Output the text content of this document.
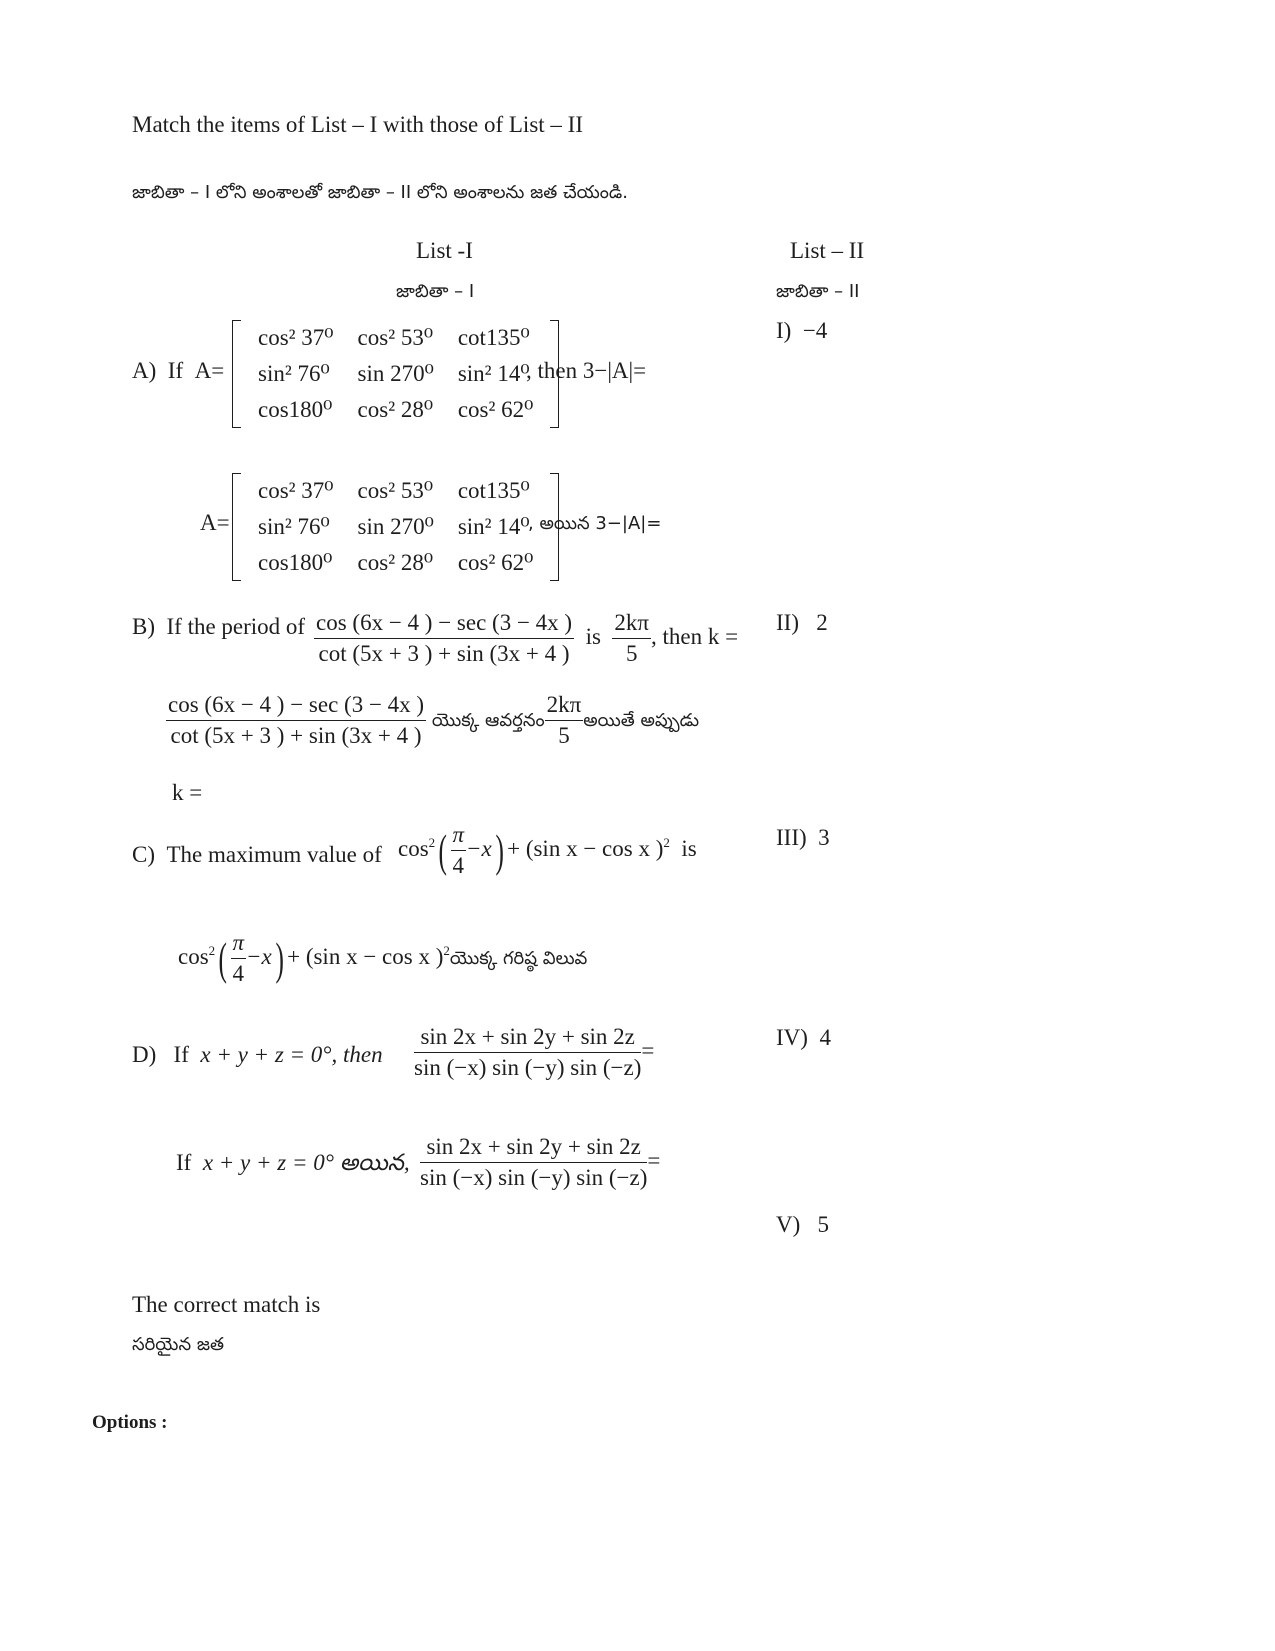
Match the items of List – I with those of List – II
జాబితా – I లోని అంశాలతో జాబితా – II లోని అంశాలను జత చేయండి.
List -I
జాబితా – I
List – II
జాబితా – II
I) −4
II) 2
III) 3
IV) 4
V) 5
A) If A=
cos² 37⁰	cos² 53⁰	cot135⁰
sin² 76⁰	sin 270⁰	sin² 14⁰
cos180⁰	cos² 28⁰	cos² 62⁰
, then 3−|A|=
A=
cos² 37⁰	cos² 53⁰	cot135⁰
sin² 76⁰	sin 270⁰	sin² 14⁰
cos180⁰	cos² 28⁰	cos² 62⁰
, అయిన 3−|A|=
B) If the period of $\frac{\cos (6x - 4 ) - \sec (3 - 4x )}{\cot (5x + 3 ) + \sin (3x + 4 )}$ is $\frac{2k\pi}{5}$ , then k =
$\frac{\cos (6x - 4 ) - \sec (3 - 4x )}{\cot (5x + 3 ) + \sin (3x + 4 )}$ యొక్క ఆవర్తనం $\frac{2k\pi}{5}$ అయితే అప్పుడు
k =
C) The maximum value of $\cos^2( \frac{\pi}{4} -x) + (\sin$ x − cos x )$^2$ is
$\cos^2( \frac{\pi}{4} -x) + (\sin$ x − cos x )$^2$యొక్క గరిష్ఠ విలువ
D) If x + y + z = 0°, then $\frac{\sin 2x + \sin 2y + \sin 2z}{\sin (-x) \sin (-y) \sin (-z)}$ =
If x + y + z = 0° అయిన, $\frac{\sin 2x + \sin 2y + \sin 2z}{\sin (-x) \sin (-y) \sin (-z)}$ =
The correct match is
సరియైన జత
Options :
